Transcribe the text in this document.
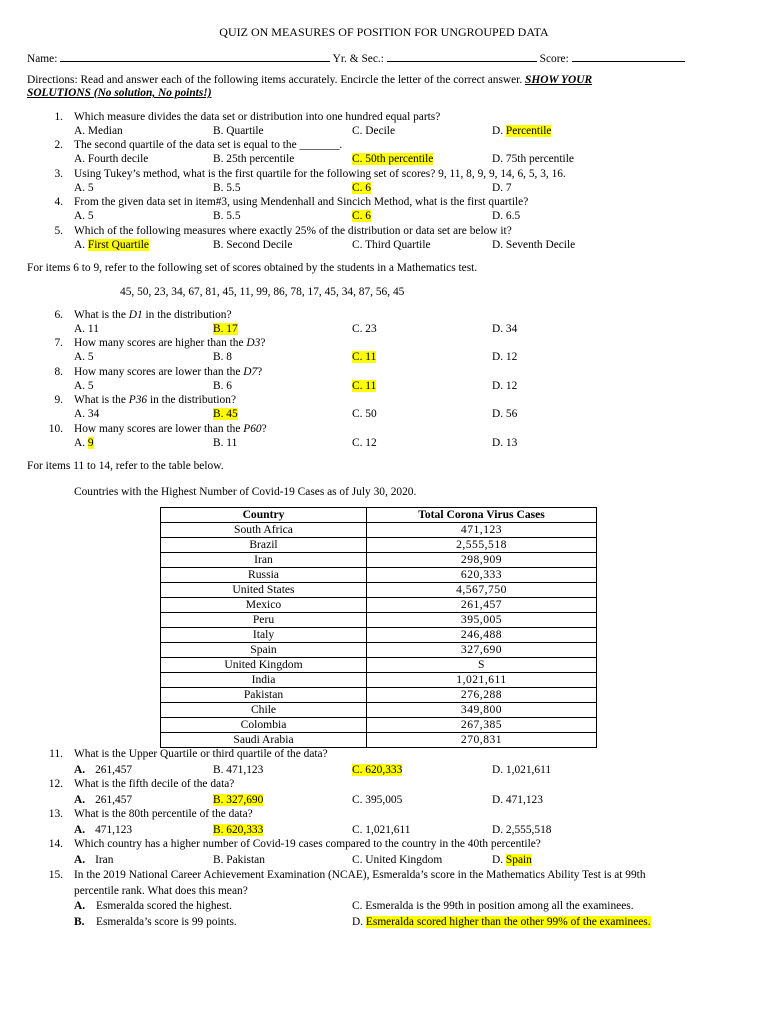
QUIZ ON MEASURES OF POSITION FOR UNGROUPED DATA
Name:	Yr. & Sec.:	Score:
Directions: Read and answer each of the following items accurately. Encircle the letter of the correct answer. SHOW YOUR
SOLUTIONS (No solution, No points!)
1. Which measure divides the data set or distribution into one hundred equal parts?
A. Median	B. Quartile	C. Decile	D. Percentile
2. The second quartile of the data set is equal to the _______.
A. Fourth decile	B. 25th percentile	C. 50th percentile	D. 75th percentile
3. Using Tukey’s method, what is the first quartile for the following set of scores? 9, 11, 8, 9, 9, 14, 6, 5, 3, 16.
A. 5	B. 5.5	C. 6	D. 7
4. From the given data set in item#3, using Mendenhall and Sincich Method, what is the first quartile?
A. 5	B. 5.5	C. 6	D. 6.5
5. Which of the following measures where exactly 25% of the distribution or data set are below it?
A. First Quartile	B. Second Decile	C. Third Quartile	D. Seventh Decile
For items 6 to 9, refer to the following set of scores obtained by the students in a Mathematics test.
45, 50, 23, 34, 67, 81, 45, 11, 99, 86, 78, 17, 45, 34, 87, 56, 45
6. What is the D1 in the distribution?
A. 11	B. 17	C. 23	D. 34
7. How many scores are higher than the D3?
A. 5	B. 8	C. 11	D. 12
8. How many scores are lower than the D7?
A. 5	B. 6	C. 11	D. 12
9. What is the P36 in the distribution?
A. 34	B. 45	C. 50	D. 56
10. How many scores are lower than the P60?
A. 9	B. 11	C. 12	D. 13
For items 11 to 14, refer to the table below.
Countries with the Highest Number of Covid-19 Cases as of July 30, 2020.
Country	Total Corona Virus Cases
South Africa	471,123
Brazil	2,555,518
Iran	298,909
Russia	620,333
United States	4,567,750
Mexico	261,457
Peru	395,005
Italy	246,488
Spain	327,690
United Kingdom	S
India	1,021,611
Pakistan	276,288
Chile	349,800
Colombia	267,385
Saudi Arabia	270,831
11. What is the Upper Quartile or third quartile of the data?
A. 261,457	B. 471,123	C. 620,333	D. 1,021,611
12. What is the fifth decile of the data?
A. 261,457	B. 327,690	C. 395,005	D. 471,123
13. What is the 80th percentile of the data?
A. 471,123	B. 620,333	C. 1,021,611	D. 2,555,518
14. Which country has a higher number of Covid-19 cases compared to the country in the 40th percentile?
A. Iran	B. Pakistan	C. United Kingdom	D. Spain
15. In the 2019 National Career Achievement Examination (NCAE), Esmeralda’s score in the Mathematics Ability Test is at 99th
percentile rank. What does this mean?
A. Esmeralda scored the highest.
B. Esmeralda’s score is 99 points.
C. Esmeralda is the 99th in position among all the examinees.
D. Esmeralda scored higher than the other 99% of the examinees.
